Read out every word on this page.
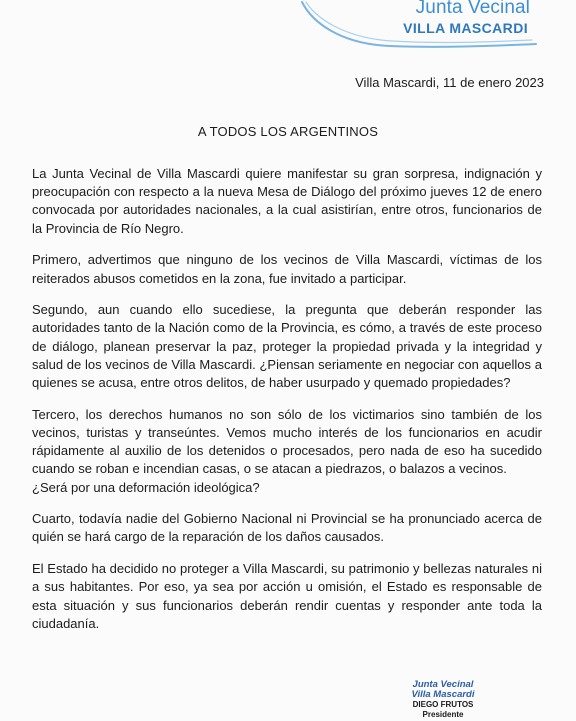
Junta Vecinal
VILLA MASCARDI
Villa Mascardi, 11 de enero 2023
A TODOS LOS ARGENTINOS

La Junta Vecinal de Villa Mascardi quiere manifestar su gran sorpresa, indignación y preocupación con respecto a la nueva Mesa de Diálogo del próximo jueves 12 de enero convocada por autoridades nacionales, a la cual asistirían, entre otros, funcionarios de la Provincia de Río Negro.

Primero, advertimos que ninguno de los vecinos de Villa Mascardi, víctimas de los reiterados abusos cometidos en la zona, fue invitado a participar.

Segundo, aun cuando ello sucediese, la pregunta que deberán responder las autoridades tanto de la Nación como de la Provincia, es cómo, a través de este proceso de diálogo, planean preservar la paz, proteger la propiedad privada y la integridad y salud de los vecinos de Villa Mascardi. ¿Piensan seriamente en negociar con aquellos a quienes se acusa, entre otros delitos, de haber usurpado y quemado propiedades?

Tercero, los derechos humanos no son sólo de los victimarios sino también de los vecinos, turistas y transeúntes. Vemos mucho interés de los funcionarios en acudir rápidamente al auxilio de los detenidos o procesados, pero nada de eso ha sucedido cuando se roban e incendian casas, o se atacan a piedrazos, o balazos a vecinos.
¿Será por una deformación ideológica?

Cuarto, todavía nadie del Gobierno Nacional ni Provincial se ha pronunciado acerca de quién se hará cargo de la reparación de los daños causados.

El Estado ha decidido no proteger a Villa Mascardi, su patrimonio y bellezas naturales ni a sus habitantes. Por eso, ya sea por acción u omisión, el Estado es responsable de esta situación y sus funcionarios deberán rendir cuentas y responder ante toda la ciudadanía.

Junta Vecinal
Villa Mascardi
DIEGO FRUTOS
Presidente
